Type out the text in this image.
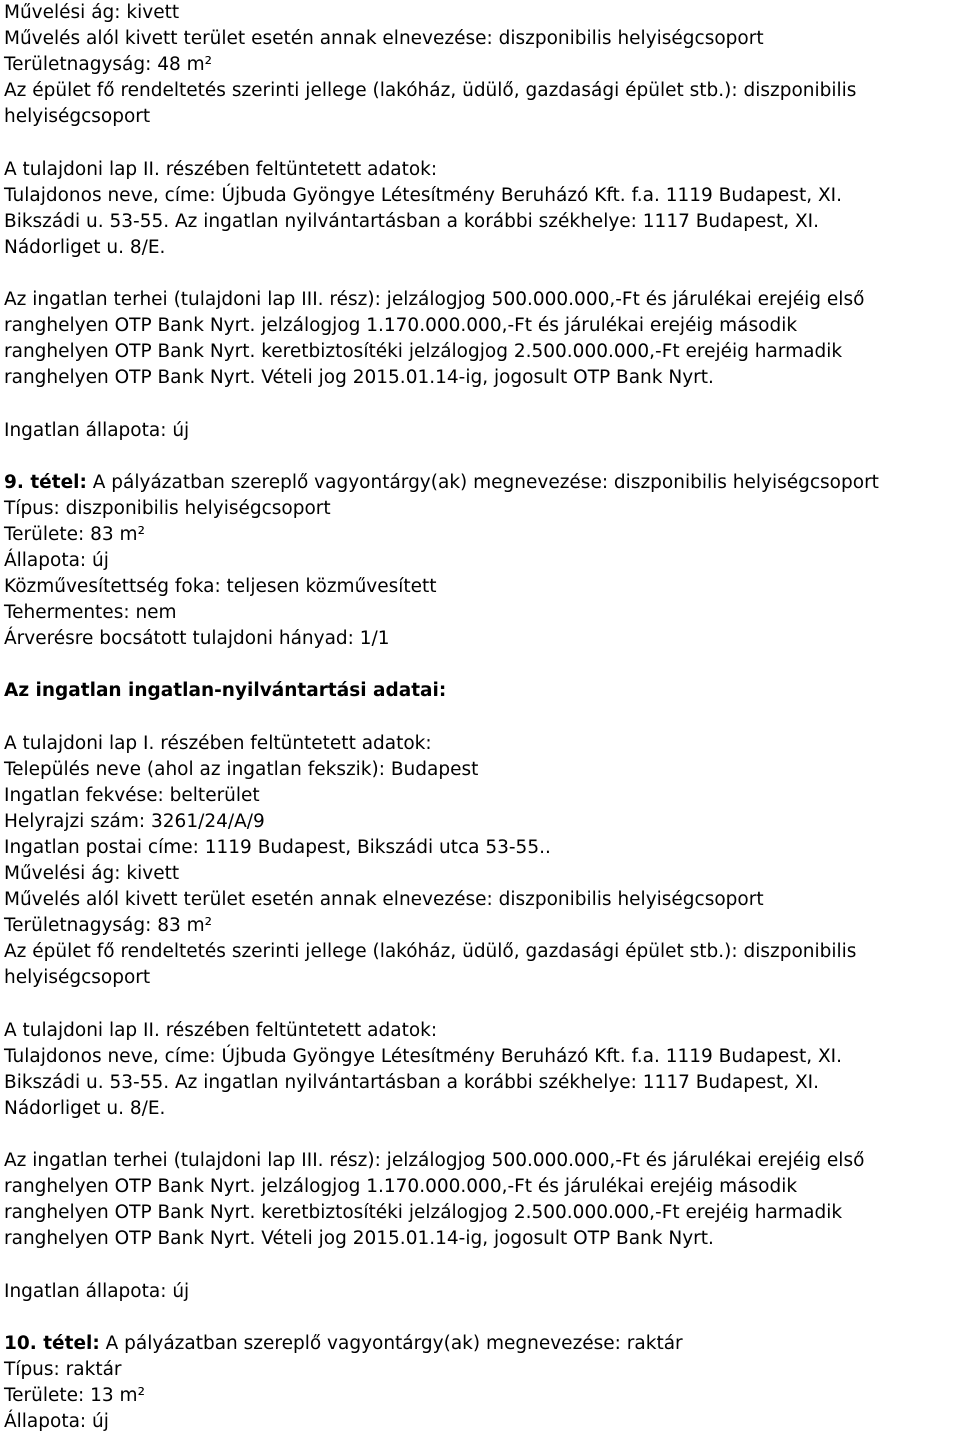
Művelési ág: kivett
Művelés alól kivett terület esetén annak elnevezése: diszponibilis helyiségcsoport
Területnagyság: 48 m²
Az épület fő rendeltetés szerinti jellege (lakóház, üdülő, gazdasági épület stb.): diszponibilis
helyiségcsoport
A tulajdoni lap II. részében feltüntetett adatok:
Tulajdonos neve, címe: Újbuda Gyöngye Létesítmény Beruházó Kft. f.a. 1119 Budapest, XI.
Bikszádi u. 53-55. Az ingatlan nyilvántartásban a korábbi székhelye: 1117 Budapest, XI.
Nádorliget u. 8/E.
Az ingatlan terhei (tulajdoni lap III. rész): jelzálogjog 500.000.000,-Ft és járulékai erejéig első
ranghelyen OTP Bank Nyrt. jelzálogjog 1.170.000.000,-Ft és járulékai erejéig második
ranghelyen OTP Bank Nyrt. keretbiztosítéki jelzálogjog 2.500.000.000,-Ft erejéig harmadik
ranghelyen OTP Bank Nyrt. Vételi jog 2015.01.14-ig, jogosult OTP Bank Nyrt.
Ingatlan állapota: új
9. tétel: A pályázatban szereplő vagyontárgy(ak) megnevezése: diszponibilis helyiségcsoport
Típus: diszponibilis helyiségcsoport
Területe: 83 m²
Állapota: új
Közművesítettség foka: teljesen közművesített
Tehermentes: nem
Árverésre bocsátott tulajdoni hányad: 1/1
Az ingatlan ingatlan-nyilvántartási adatai:
A tulajdoni lap I. részében feltüntetett adatok:
Település neve (ahol az ingatlan fekszik): Budapest
Ingatlan fekvése: belterület
Helyrajzi szám: 3261/24/A/9
Ingatlan postai címe: 1119 Budapest, Bikszádi utca 53-55..
Művelési ág: kivett
Művelés alól kivett terület esetén annak elnevezése: diszponibilis helyiségcsoport
Területnagyság: 83 m²
Az épület fő rendeltetés szerinti jellege (lakóház, üdülő, gazdasági épület stb.): diszponibilis
helyiségcsoport
A tulajdoni lap II. részében feltüntetett adatok:
Tulajdonos neve, címe: Újbuda Gyöngye Létesítmény Beruházó Kft. f.a. 1119 Budapest, XI.
Bikszádi u. 53-55. Az ingatlan nyilvántartásban a korábbi székhelye: 1117 Budapest, XI.
Nádorliget u. 8/E.
Az ingatlan terhei (tulajdoni lap III. rész): jelzálogjog 500.000.000,-Ft és járulékai erejéig első
ranghelyen OTP Bank Nyrt. jelzálogjog 1.170.000.000,-Ft és járulékai erejéig második
ranghelyen OTP Bank Nyrt. keretbiztosítéki jelzálogjog 2.500.000.000,-Ft erejéig harmadik
ranghelyen OTP Bank Nyrt. Vételi jog 2015.01.14-ig, jogosult OTP Bank Nyrt.
Ingatlan állapota: új
10. tétel: A pályázatban szereplő vagyontárgy(ak) megnevezése: raktár
Típus: raktár
Területe: 13 m²
Állapota: új
